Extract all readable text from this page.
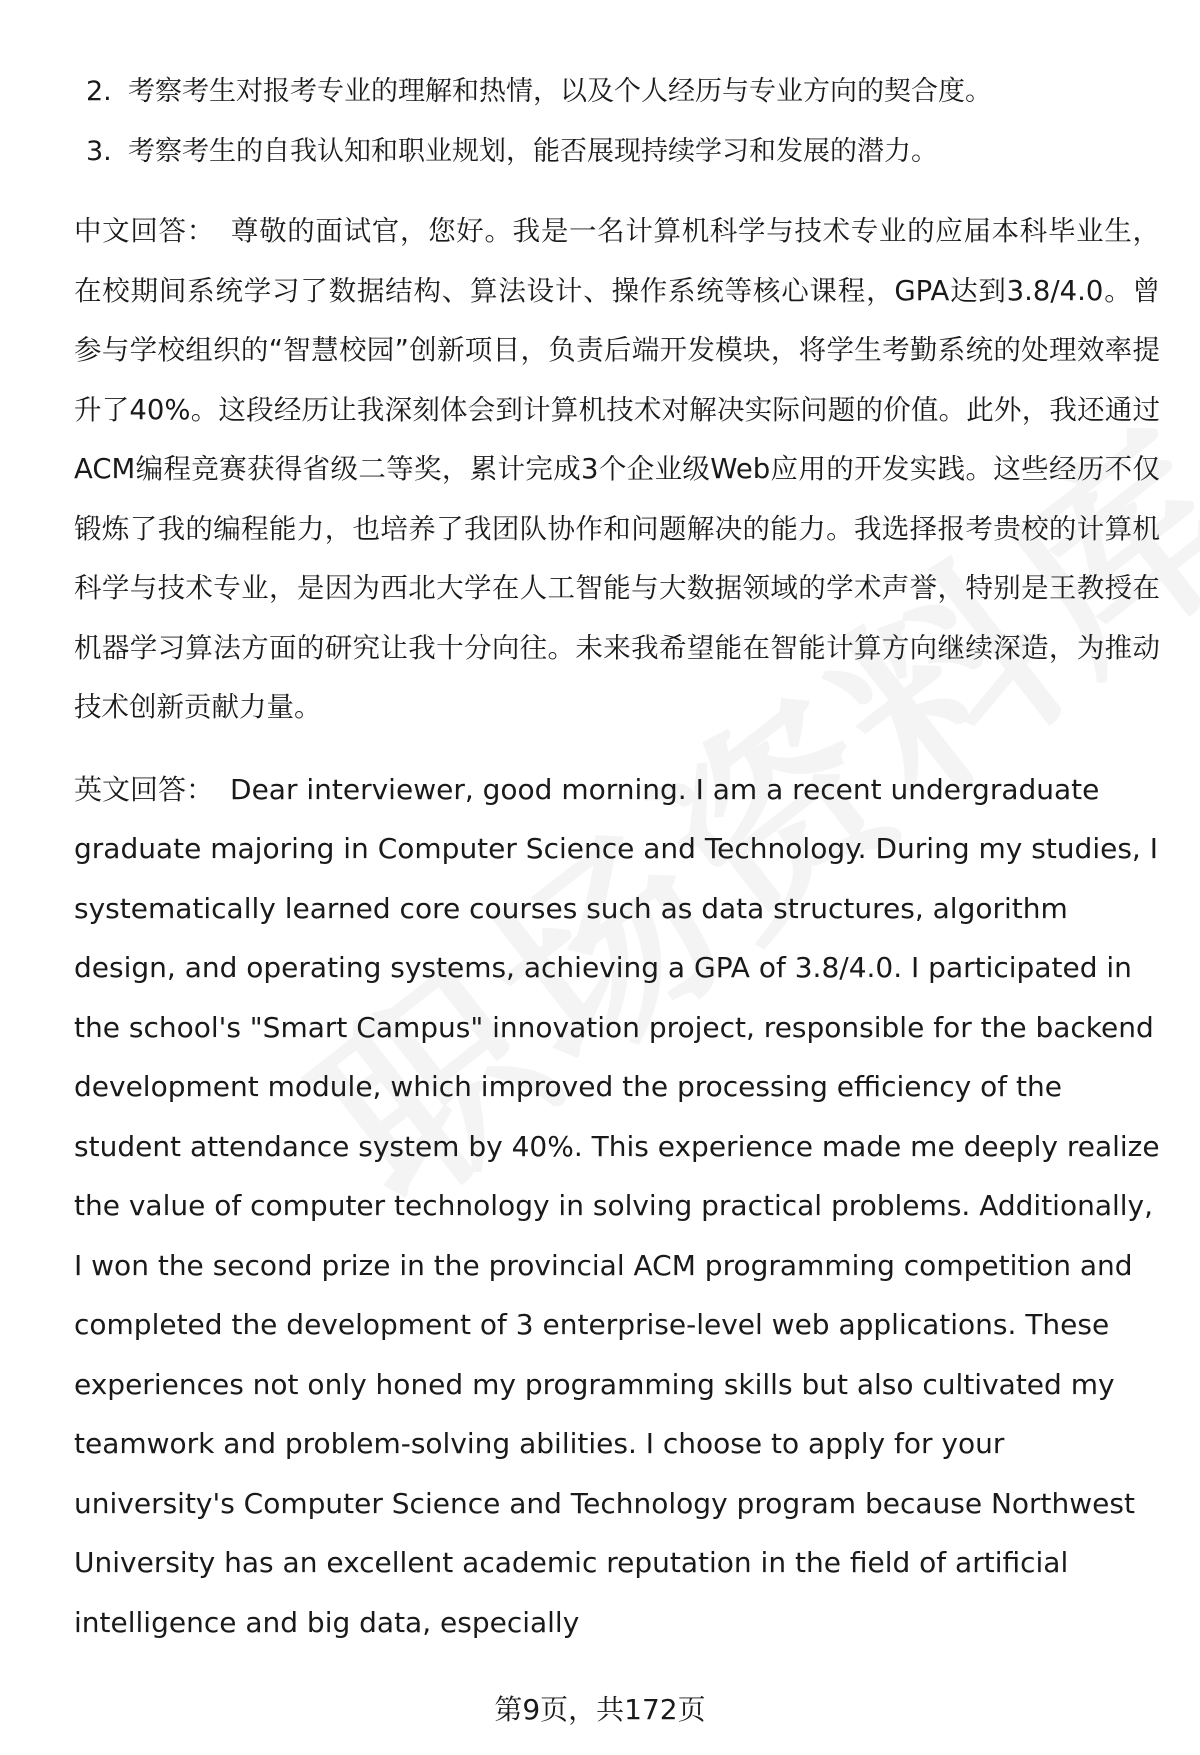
2. 考察考生对报考专业的理解和热情，以及个人经历与专业方向的契合度。
3. 考察考生的自我认知和职业规划，能否展现持续学习和发展的潜力。

中文回答： 尊敬的面试官，您好。我是一名计算机科学与技术专业的应届本科毕业生，在校期间系统学习了数据结构、算法设计、操作系统等核心课程，GPA达到3.8/4.0。曾参与学校组织的“智慧校园”创新项目，负责后端开发模块，将学生考勤系统的处理效率提升了40%。这段经历让我深刻体会到计算机技术对解决实际问题的价值。此外，我还通过ACM编程竞赛获得省级二等奖，累计完成3个企业级Web应用的开发实践。这些经历不仅锻炼了我的编程能力，也培养了我团队协作和问题解决的能力。我选择报考贵校的计算机科学与技术专业，是因为西北大学在人工智能与大数据领域的学术声誉，特别是王教授在机器学习算法方面的研究让我十分向往。未来我希望能在智能计算方向继续深造，为推动技术创新贡献力量。

英文回答： Dear interviewer, good morning. I am a recent undergraduate graduate majoring in Computer Science and Technology. During my studies, I systematically learned core courses such as data structures, algorithm design, and operating systems, achieving a GPA of 3.8/4.0. I participated in the school's "Smart Campus" innovation project, responsible for the backend development module, which improved the processing efficiency of the student attendance system by 40%. This experience made me deeply realize the value of computer technology in solving practical problems. Additionally, I won the second prize in the provincial ACM programming competition and completed the development of 3 enterprise-level web applications. These experiences not only honed my programming skills but also cultivated my teamwork and problem-solving abilities. I choose to apply for your university's Computer Science and Technology program because Northwest University has an excellent academic reputation in the field of artificial intelligence and big data, especially

第9页，共172页
